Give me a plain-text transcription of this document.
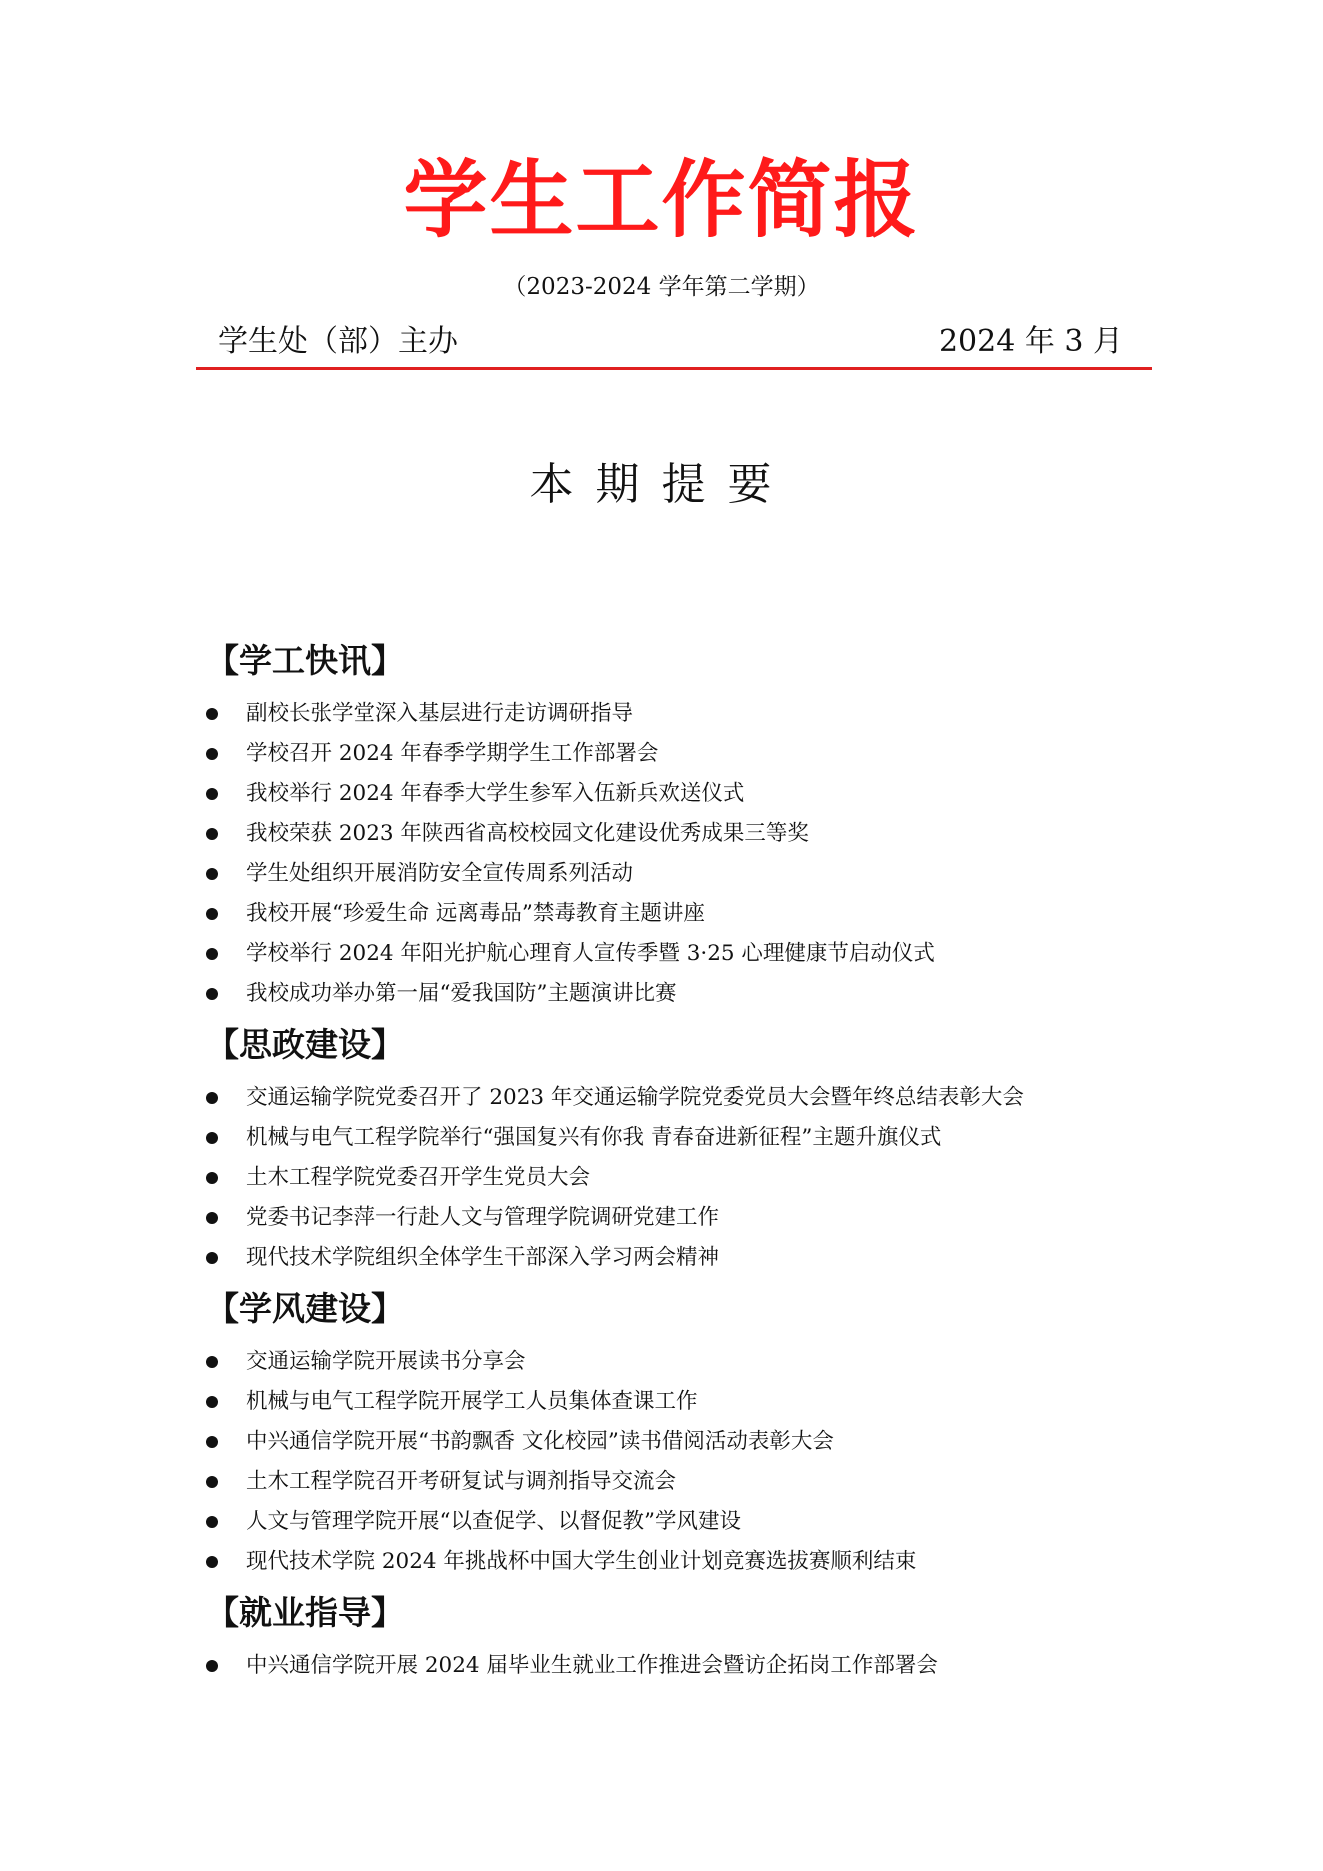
学生工作简报
（2023-2024 学年第二学期）
学生处（部）主办	2024 年 3 月
本期提要
【学工快讯】
副校长张学堂深入基层进行走访调研指导
学校召开 2024 年春季学期学生工作部署会
我校举行 2024 年春季大学生参军入伍新兵欢送仪式
我校荣获 2023 年陕西省高校校园文化建设优秀成果三等奖
学生处组织开展消防安全宣传周系列活动
我校开展“珍爱生命 远离毒品”禁毒教育主题讲座
学校举行 2024 年阳光护航心理育人宣传季暨 3·25 心理健康节启动仪式
我校成功举办第一届“爱我国防”主题演讲比赛
【思政建设】
交通运输学院党委召开了 2023 年交通运输学院党委党员大会暨年终总结表彰大会
机械与电气工程学院举行“强国复兴有你我 青春奋进新征程”主题升旗仪式
土木工程学院党委召开学生党员大会
党委书记李萍一行赴人文与管理学院调研党建工作
现代技术学院组织全体学生干部深入学习两会精神
【学风建设】
交通运输学院开展读书分享会
机械与电气工程学院开展学工人员集体查课工作
中兴通信学院开展“书韵飘香 文化校园”读书借阅活动表彰大会
土木工程学院召开考研复试与调剂指导交流会
人文与管理学院开展“以查促学、以督促教”学风建设
现代技术学院 2024 年挑战杯中国大学生创业计划竞赛选拔赛顺利结束
【就业指导】
中兴通信学院开展 2024 届毕业生就业工作推进会暨访企拓岗工作部署会
